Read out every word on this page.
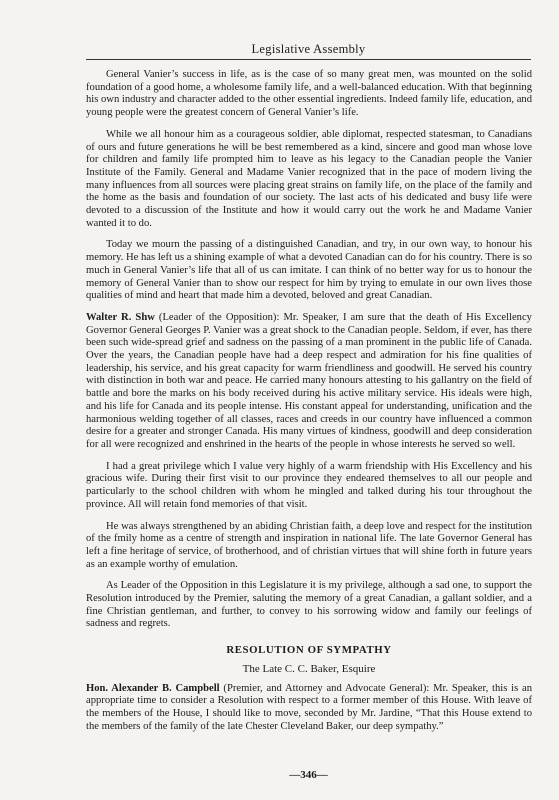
Legislative Assembly

General Vanier’s success in life, as is the case of so many great men, was mounted on the solid foundation of a good home, a wholesome family life, and a well-balanced education. With that beginning his own industry and character added to the other essential ingredients. Indeed family life, education, and young people were the greatest concern of General Vanier’s life.

While we all honour him as a courageous soldier, able diplomat, respected statesman, to Canadians of ours and future generations he will be best remembered as a kind, sincere and good man whose love for children and family life prompted him to leave as his legacy to the Canadian people the Vanier Institute of the Family. General and Madame Vanier recognized that in the pace of modern living the many influences from all sources were placing great strains on family life, on the place of the family and the home as the basis and foundation of our society. The last acts of his dedicated and busy life were devoted to a discussion of the Institute and how it would carry out the work he and Madame Vanier wanted it to do.

Today we mourn the passing of a distinguished Canadian, and try, in our own way, to honour his memory. He has left us a shining example of what a devoted Canadian can do for his country. There is so much in General Vanier’s life that all of us can imitate. I can think of no better way for us to honour the memory of General Vanier than to show our respect for him by trying to emulate in our own lives those qualities of mind and heart that made him a devoted, beloved and great Canadian.

Walter R. Shw (Leader of the Opposition): Mr. Speaker, I am sure that the death of His Excellency Governor General Georges P. Vanier was a great shock to the Canadian people. Seldom, if ever, has there been such wide-spread grief and sadness on the passing of a man prominent in the public life of Canada. Over the years, the Canadian people have had a deep respect and admiration for his fine qualities of leadership, his service, and his great capacity for warm friendliness and goodwill. He served his country with distinction in both war and peace. He carried many honours attesting to his gallantry on the field of battle and bore the marks on his body received during his active military service. His ideals were high, and his life for Canada and its people intense. His constant appeal for understanding, unification and the harmonious welding together of all classes, races and creeds in our country have influenced a common desire for a greater and stronger Canada. His many virtues of kindness, goodwill and deep consideration for all were recognized and enshrined in the hearts of the people in whose interests he served so well.

I had a great privilege which I value very highly of a warm friendship with His Excellency and his gracious wife. During their first visit to our province they endeared themselves to all our people and particularly to the school children with whom he mingled and talked during his tour throughout the province. All will retain fond memories of that visit.

He was always strengthened by an abiding Christian faith, a deep love and respect for the institution of the fmily home as a centre of strength and inspiration in national life. The late Governor General has left a fine heritage of service, of brotherhood, and of christian virtues that will shine forth in future years as an example worthy of emulation.

As Leader of the Opposition in this Legislature it is my privilege, although a sad one, to support the Resolution introduced by the Premier, saluting the memory of a great Canadian, a gallant soldier, and a fine Christian gentleman, and further, to convey to his sorrowing widow and family our feelings of sadness and regrets.

RESOLUTION OF SYMPATHY
The Late C. C. Baker, Esquire

Hon. Alexander B. Campbell (Premier, and Attorney and Advocate General): Mr. Speaker, this is an appropriate time to consider a Resolution with respect to a former member of this House. With leave of the members of the House, I should like to move, seconded by Mr. Jardine, “That this House extend to the members of the family of the late Chester Cleveland Baker, our deep sympathy.”

—346—
